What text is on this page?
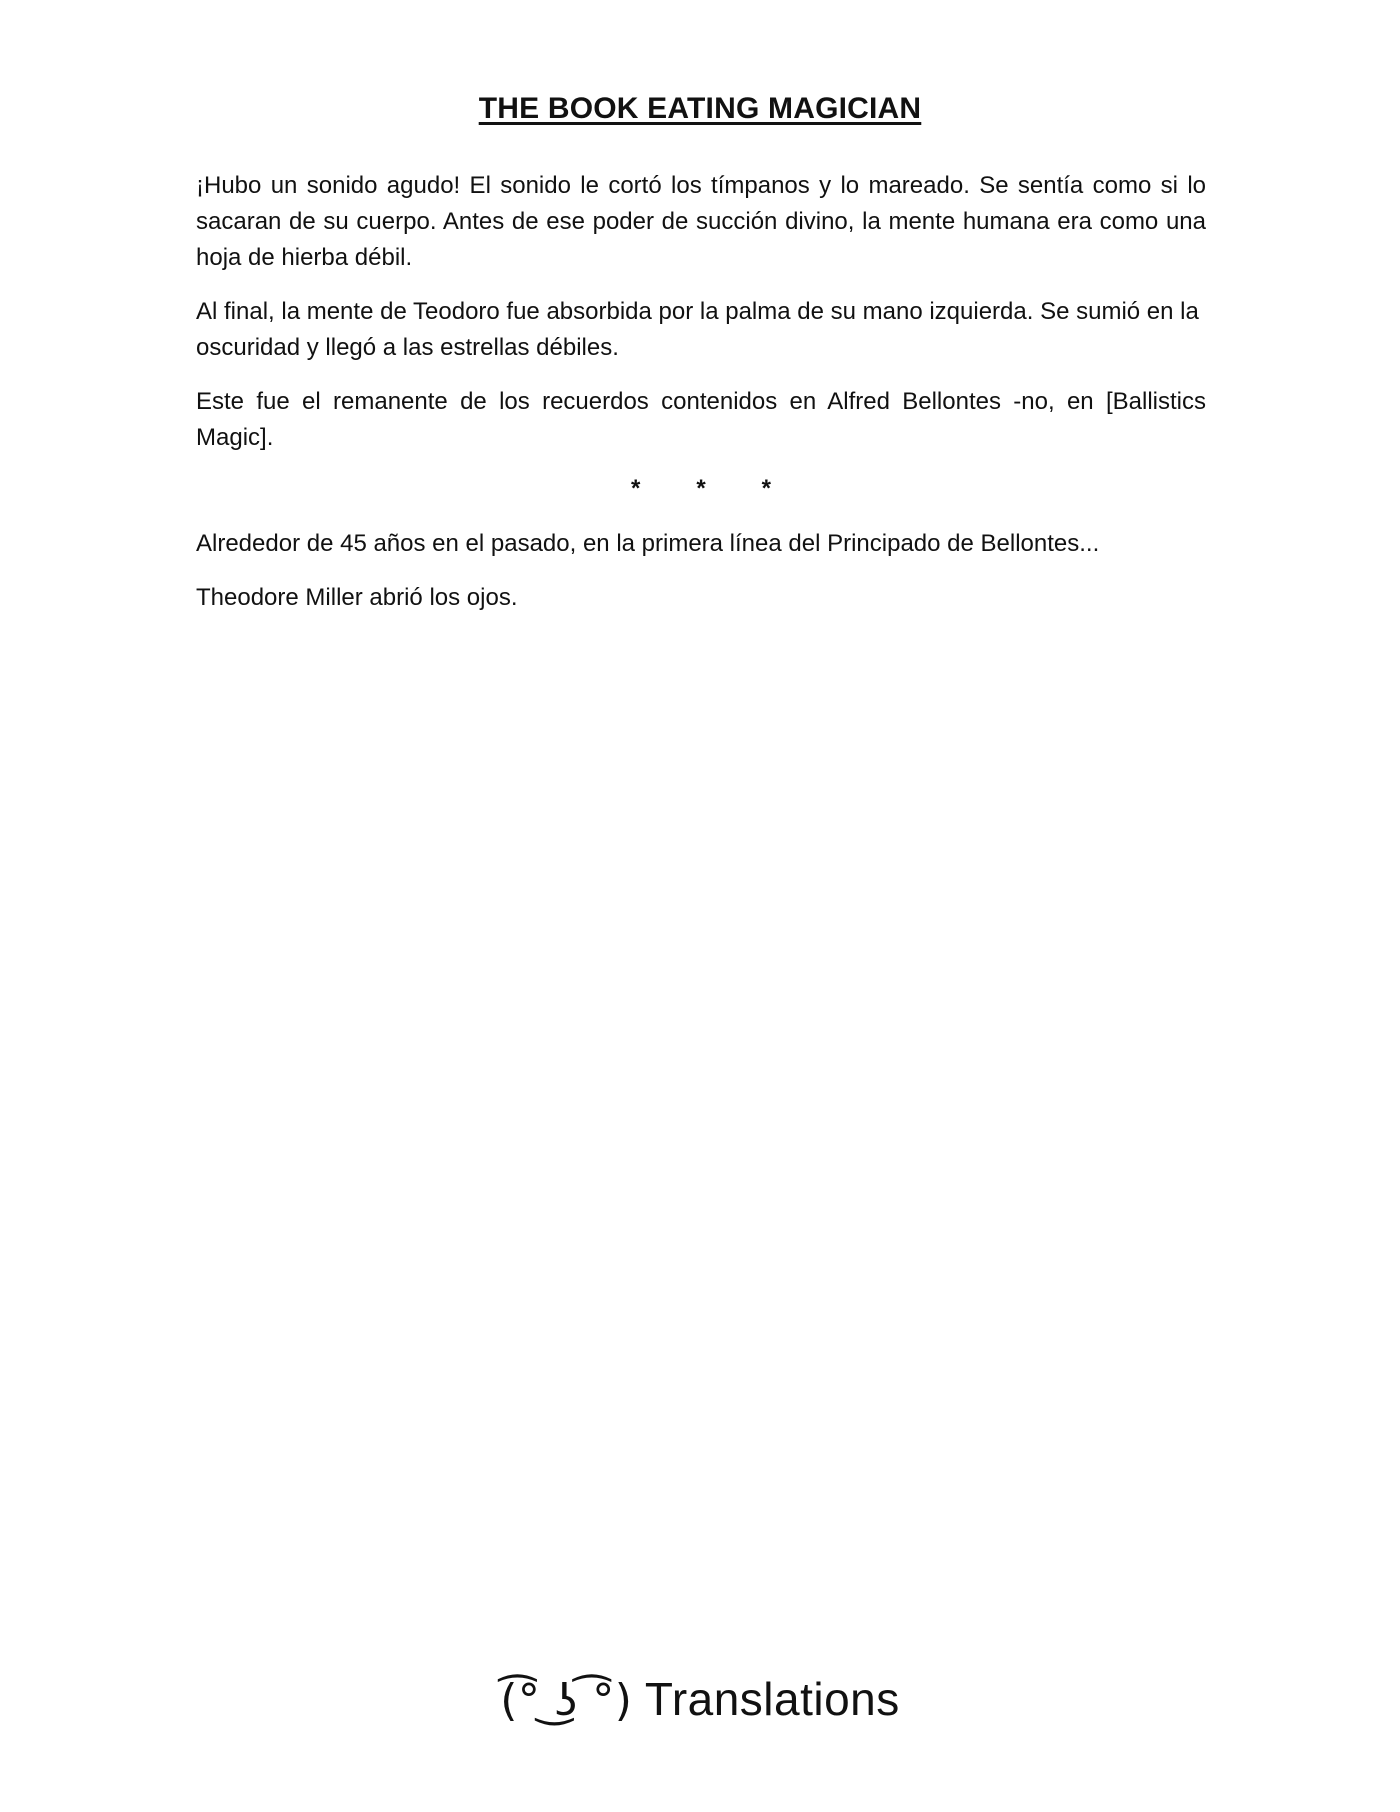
THE BOOK EATING MAGICIAN

¡Hubo un sonido agudo! El sonido le cortó los tímpanos y lo mareado. Se sentía como si lo sacaran de su cuerpo. Antes de ese poder de succión divino, la mente humana era como una hoja de hierba débil.

Al final, la mente de Teodoro fue absorbida por la palma de su mano izquierda. Se sumió en la oscuridad y llegó a las estrellas débiles.

Este fue el remanente de los recuerdos contenidos en Alfred Bellontes -no, en [Ballistics Magic].

* * *

Alrededor de 45 años en el pasado, en la primera línea del Principado de Bellontes...

Theodore Miller abrió los ojos.

(͡° ͜ʖ ͡°) Translations
